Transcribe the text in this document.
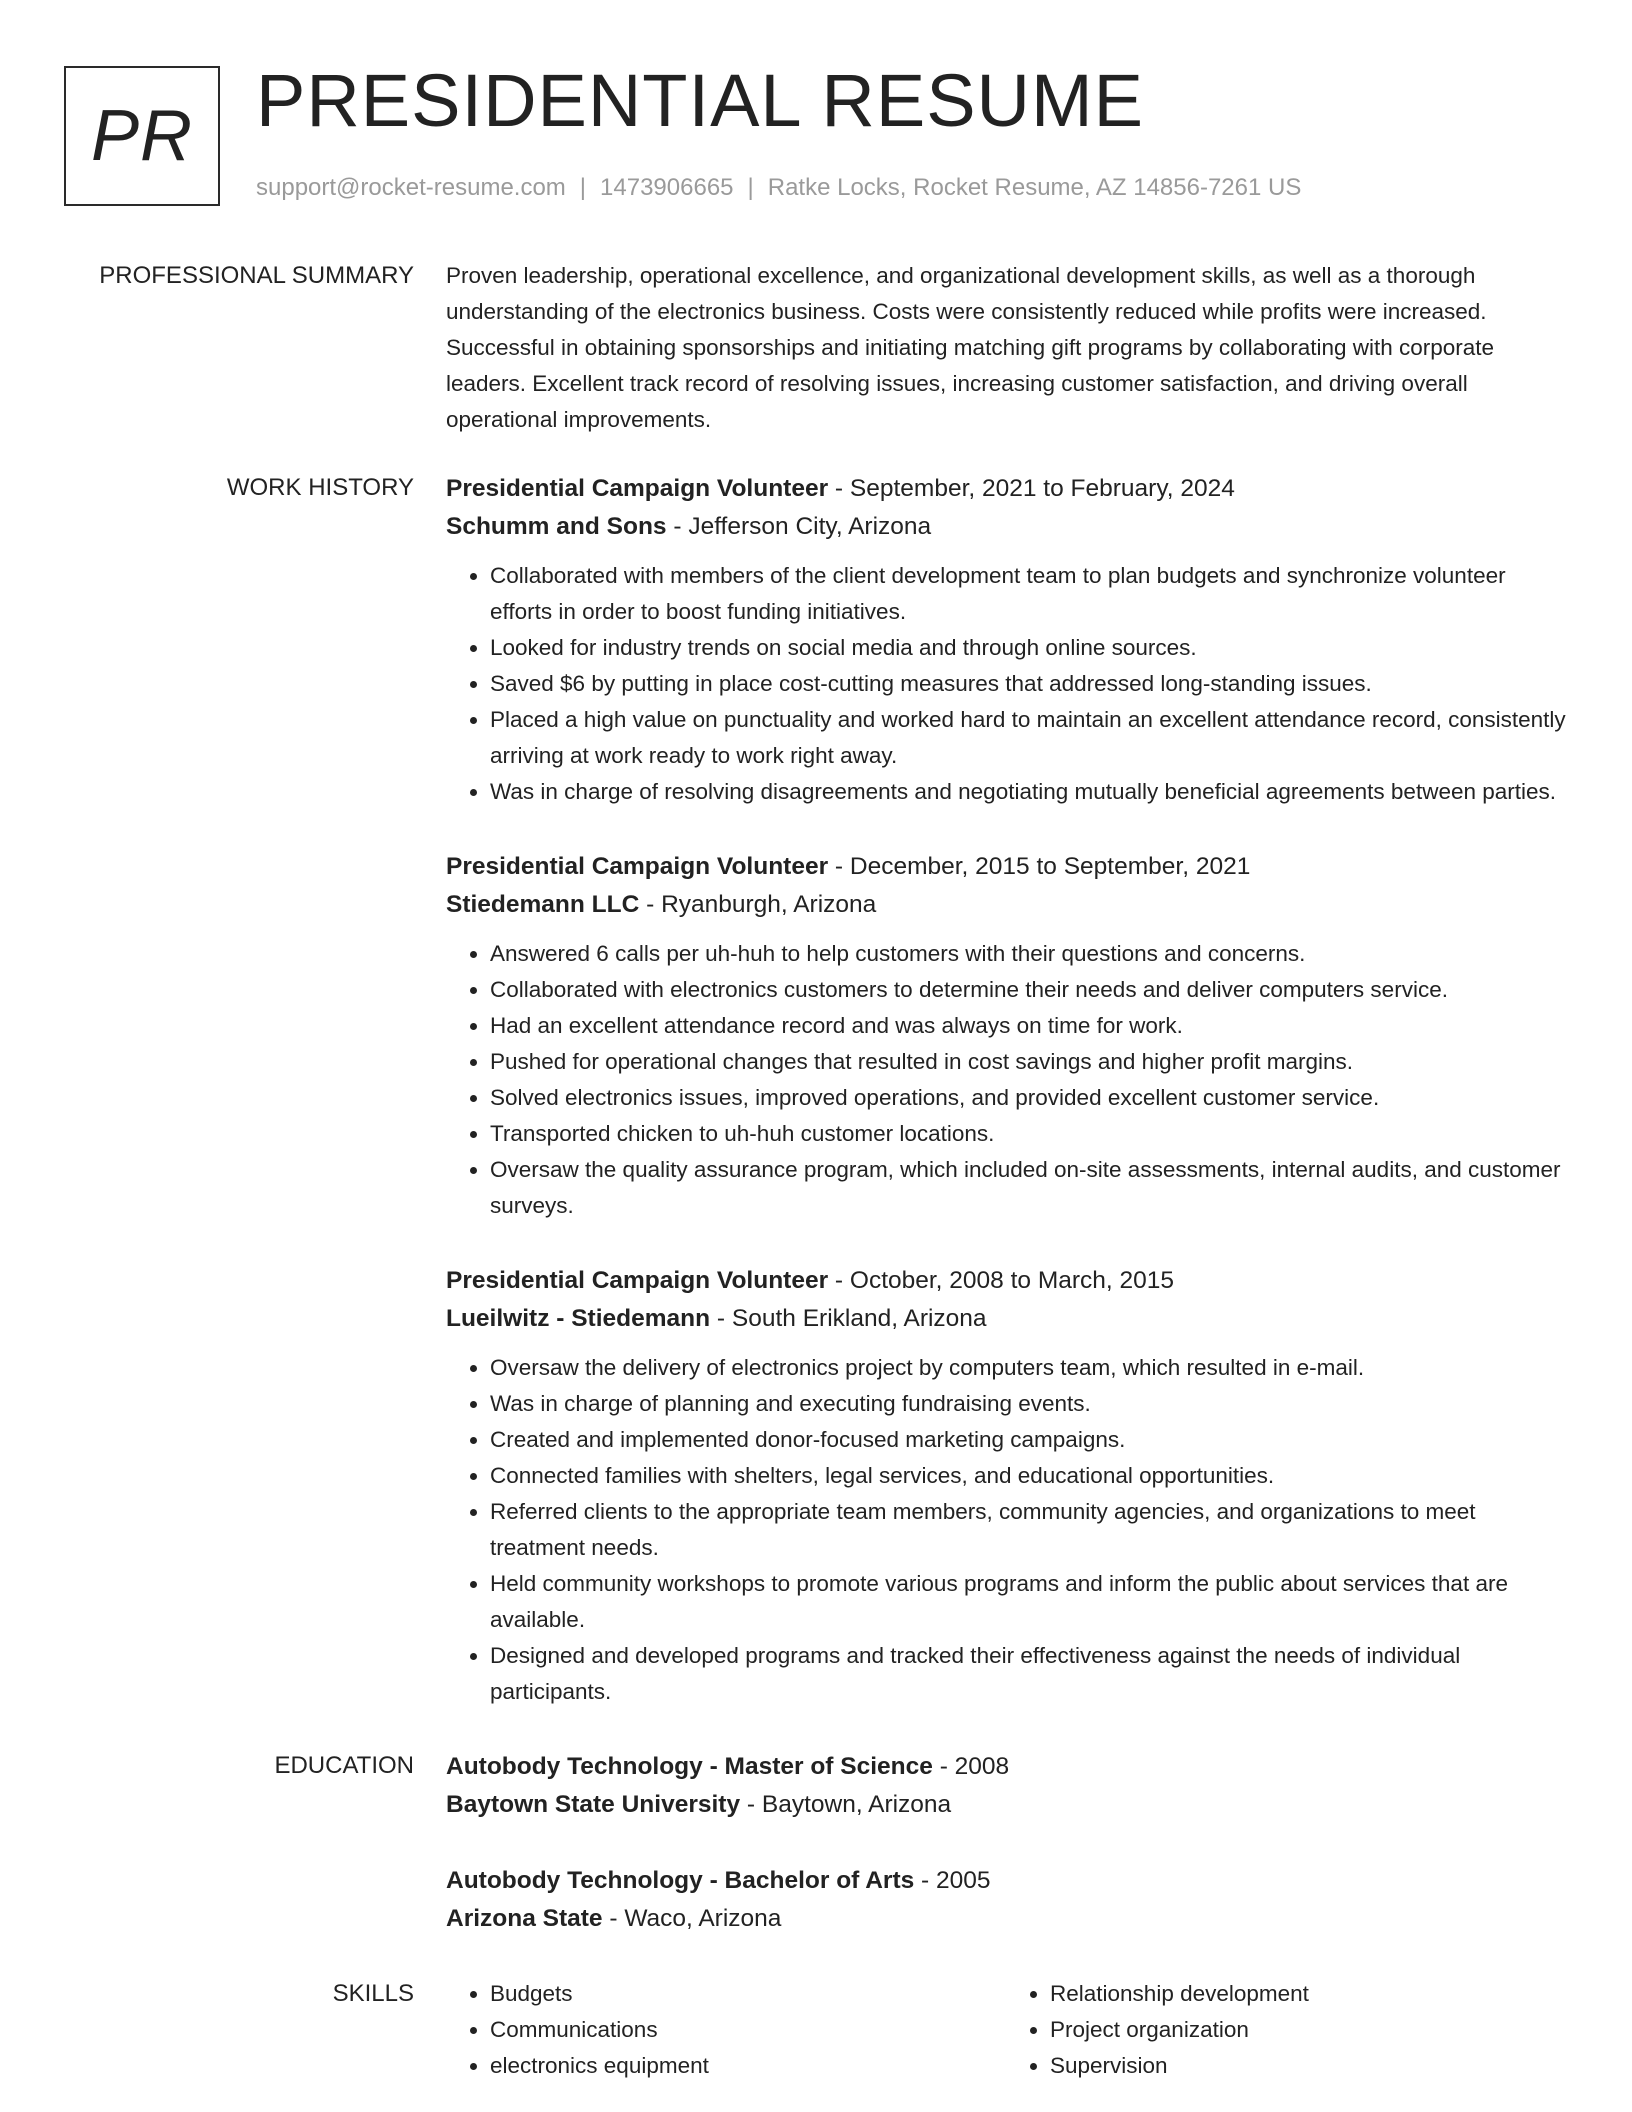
PR PRESIDENTIAL RESUME
support@rocket-resume.com | 1473906665 | Ratke Locks, Rocket Resume, AZ 14856-7261 US
PROFESSIONAL SUMMARY Proven leadership, operational excellence, and organizational development skills, as well as a thorough understanding of the electronics business. Costs were consistently reduced while profits were increased. Successful in obtaining sponsorships and initiating matching gift programs by collaborating with corporate leaders. Excellent track record of resolving issues, increasing customer satisfaction, and driving overall operational improvements.

WORK HISTORY Presidential Campaign Volunteer - September, 2021 to February, 2024
Schumm and Sons - Jefferson City, Arizona
• Collaborated with members of the client development team to plan budgets and synchronize volunteer efforts in order to boost funding initiatives.
• Looked for industry trends on social media and through online sources.
• Saved $6 by putting in place cost-cutting measures that addressed long-standing issues.
• Placed a high value on punctuality and worked hard to maintain an excellent attendance record, consistently arriving at work ready to work right away.
• Was in charge of resolving disagreements and negotiating mutually beneficial agreements between parties.
Presidential Campaign Volunteer - December, 2015 to September, 2021
Stiedemann LLC - Ryanburgh, Arizona
• Answered 6 calls per uh-huh to help customers with their questions and concerns.
• Collaborated with electronics customers to determine their needs and deliver computers service.
• Had an excellent attendance record and was always on time for work.
• Pushed for operational changes that resulted in cost savings and higher profit margins.
• Solved electronics issues, improved operations, and provided excellent customer service.
• Transported chicken to uh-huh customer locations.
• Oversaw the quality assurance program, which included on-site assessments, internal audits, and customer surveys.
Presidential Campaign Volunteer - October, 2008 to March, 2015
Lueilwitz - Stiedemann - South Erikland, Arizona
• Oversaw the delivery of electronics project by computers team, which resulted in e-mail.
• Was in charge of planning and executing fundraising events.
• Created and implemented donor-focused marketing campaigns.
• Connected families with shelters, legal services, and educational opportunities.
• Referred clients to the appropriate team members, community agencies, and organizations to meet treatment needs.
• Held community workshops to promote various programs and inform the public about services that are available.
• Designed and developed programs and tracked their effectiveness against the needs of individual participants.
EDUCATION Autobody Technology - Master of Science - 2008
Baytown State University - Baytown, Arizona
Autobody Technology - Bachelor of Arts - 2005
Arizona State - Waco, Arizona
SKILLS
•	Budgets
• Communications
• electronics equipment
• Relationship development
• Project organization
• Supervision
